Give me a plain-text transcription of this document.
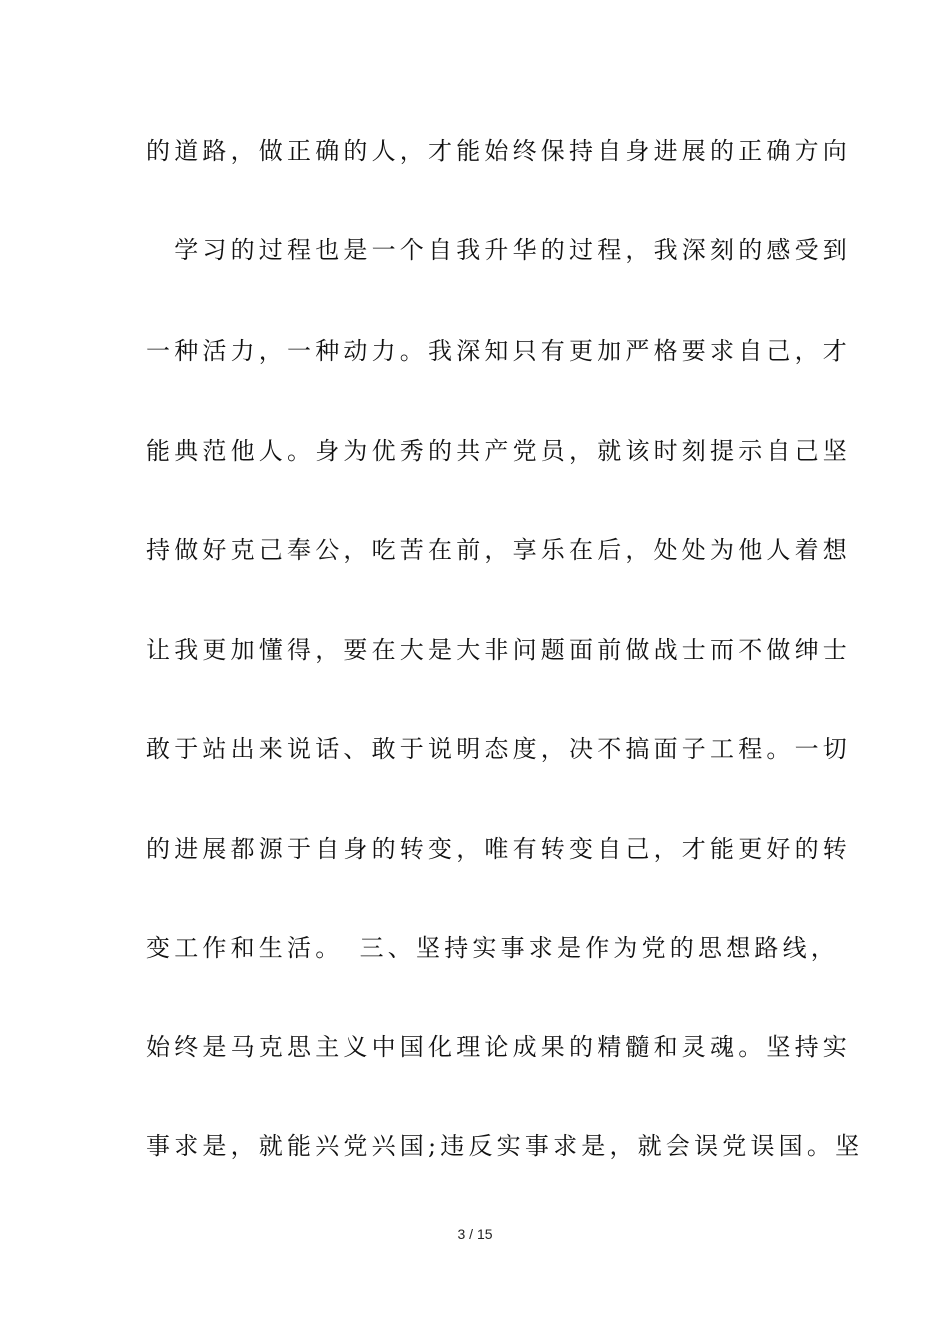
的道路，做正确的人，才能始终保持自身进展的正确方向
　学习的过程也是一个自我升华的过程，我深刻的感受到
一种活力，一种动力。我深知只有更加严格要求自己，才
能典范他人。身为优秀的共产党员，就该时刻提示自己坚
持做好克己奉公，吃苦在前，享乐在后，处处为他人着想
让我更加懂得，要在大是大非问题面前做战士而不做绅士
敢于站出来说话、敢于说明态度，决不搞面子工程。一切
的进展都源于自身的转变，唯有转变自己，才能更好的转
变工作和生活。　三、坚持实事求是作为党的思想路线，
始终是马克思主义中国化理论成果的精髓和灵魂。坚持实
事求是，就能兴党兴国;违反实事求是，就会误党误国。坚
3 / 15
